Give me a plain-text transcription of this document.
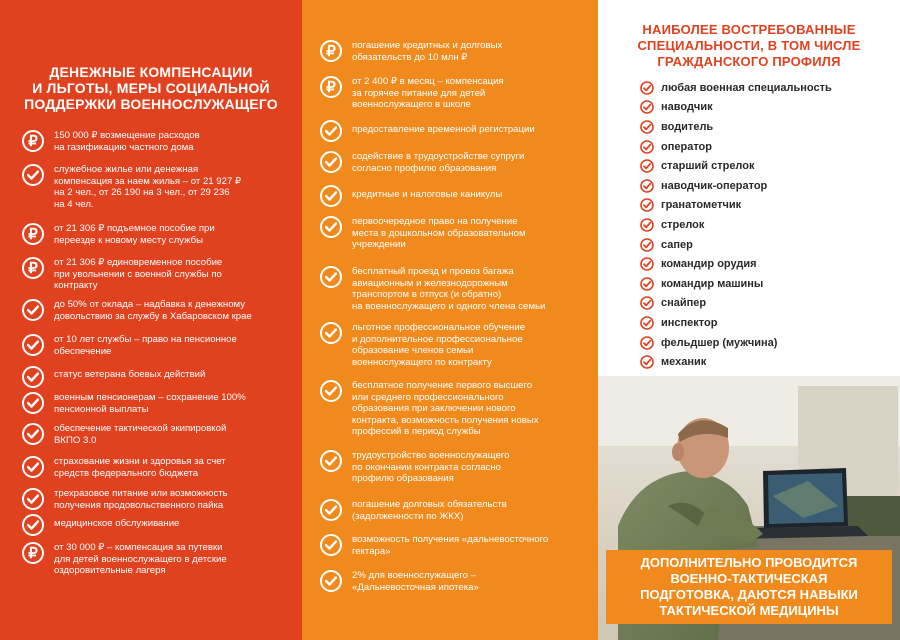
ДЕНЕЖНЫЕ КОМПЕНСАЦИИ
И ЛЬГОТЫ, МЕРЫ СОЦИАЛЬНОЙ
ПОДДЕРЖКИ ВОЕННОСЛУЖАЩЕГО
₽	150 000 ₽ возмещение расходов
на газификацию частного дома
служебное жилье или денежная
компенсация за наем жилья – от 21 927 ₽
на 2 чел., от 26 190 на 3 чел., от 29 236
на 4 чел.
₽	от 21 306 ₽ подъемное пособие при
переезде к новому месту службы
₽	от 21 306 ₽ единовременное пособие
при увольнении с военной службы по
контракту
до 50% от оклада – надбавка к денежному
довольствию за службу в Хабаровском крае
от 10 лет службы – право на пенсионное
обеспечение
статус ветерана боевых действий
военным пенсионерам – сохранение 100%
пенсионной выплаты
обеспечение тактической экипировкой
ВКПО 3.0
страхование жизни и здоровья за счет
средств федерального бюджета
трехразовое питание или возможность
получения продовольственного пайка
медицинское обслуживание
₽	от 30 000 ₽ – компенсация за путевки
для детей военнослужащего в детские
оздоровительные лагеря
₽	погашение кредитных и долговых
обязательств до 10 млн ₽
₽	от 2 400 ₽ в месяц – компенсация
за горячее питание для детей
военнослужащего в школе
предоставление временной регистрации
содействие в трудоустройстве супруги
согласно профилю образования
кредитные и налоговые каникулы
первоочередное право на получение
места в дошкольном образовательном
учреждении
бесплатный проезд и провоз багажа
авиационным и железнодорожным
транспортом в отпуск (и обратно)
на военнослужащего и одного члена семьи
льготное профессиональное обучение
и дополнительное профессиональное
образование членов семьи
военнослужащего по контракту
бесплатное получение первого высшего
или среднего профессионального
образования при заключении нового
контракта, возможность получения новых
профессий в период службы
трудоустройство военнослужащего
по окончании контракта согласно
профилю образования
погашение долговых обязательств
(задолженности по ЖКХ)
возможность получения «дальневосточного
гектара»
2% для военнослужащего –
«Дальневосточная ипотека»
НАИБОЛЕЕ ВОСТРЕБОВАННЫЕ
СПЕЦИАЛЬНОСТИ, В ТОМ ЧИСЛЕ
ГРАЖДАНСКОГО ПРОФИЛЯ
любая военная специальность
наводчик
водитель
оператор
старший стрелок
наводчик-оператор
гранатометчик
стрелок
сапер
командир орудия
командир машины
снайпер
инспектор
фельдшер (мужчина)
механик
ДОПОЛНИТЕЛЬНО ПРОВОДИТСЯ
ВОЕННО-ТАКТИЧЕСКАЯ
ПОДГОТОВКА, ДАЮТСЯ НАВЫКИ
ТАКТИЧЕСКОЙ МЕДИЦИНЫ
